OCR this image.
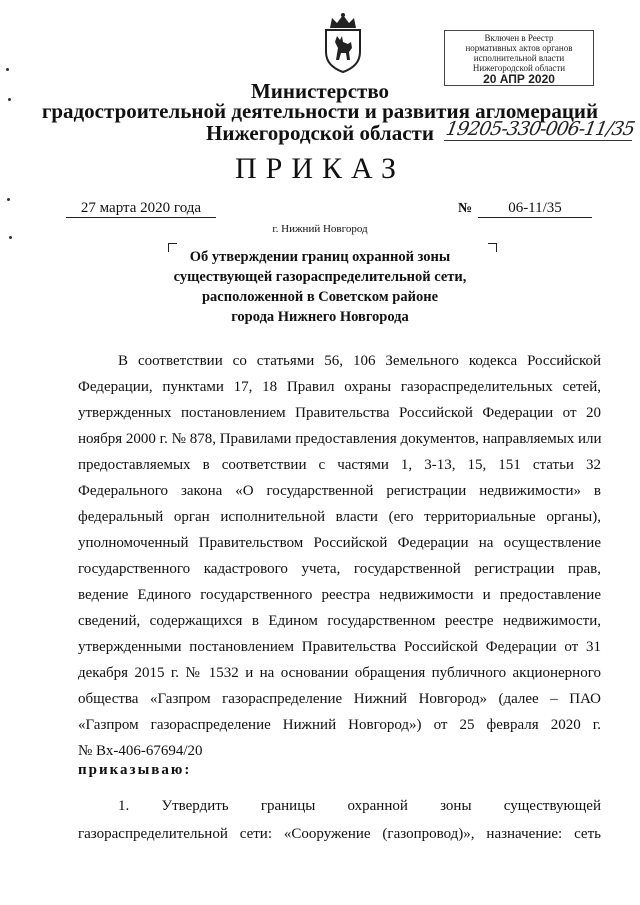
Министерство
градостроительной деятельности и развития агломераций
Нижегородской области
Включен в Реестр
нормативных актов органов
исполнительной власти
Нижегородской области
20 АПР 2020
19205-330-006-11/35
ПРИКАЗ
27 марта 2020 года	№	06-11/35
г. Нижний Новгород
Об утверждении границ охранной зоны
существующей газораспределительной сети,
расположенной в Советском районе
города Нижнего Новгорода
В соответствии со статьями 56, 106 Земельного кодекса Российской
Федерации, пунктами 17, 18 Правил охраны газораспределительных сетей,
утвержденных постановлением Правительства Российской Федерации от 20
ноября 2000 г. № 878, Правилами предоставления документов, направляемых или
предоставляемых в соответствии с частями 1, 3-13, 15, 151 статьи 32
Федерального закона «О государственной регистрации недвижимости» в
федеральный орган исполнительной власти (его территориальные органы),
уполномоченный Правительством Российской Федерации на осуществление
государственного кадастрового учета, государственной регистрации прав,
ведение Единого государственного реестра недвижимости и предоставление
сведений, содержащихся в Едином государственном реестре недвижимости,
утвержденными постановлением Правительства Российской Федерации от 31
декабря 2015 г. № 1532 и на основании обращения публичного акционерного
общества «Газпром газораспределение Нижний Новгород» (далее – ПАО
«Газпром газораспределение Нижний Новгород») от 25 февраля 2020 г.
№ Вх-406-67694/20
приказываю:
1. Утвердить границы охранной зоны существующей
газораспределительной сети: «Сооружение (газопровод)», назначение: сеть
